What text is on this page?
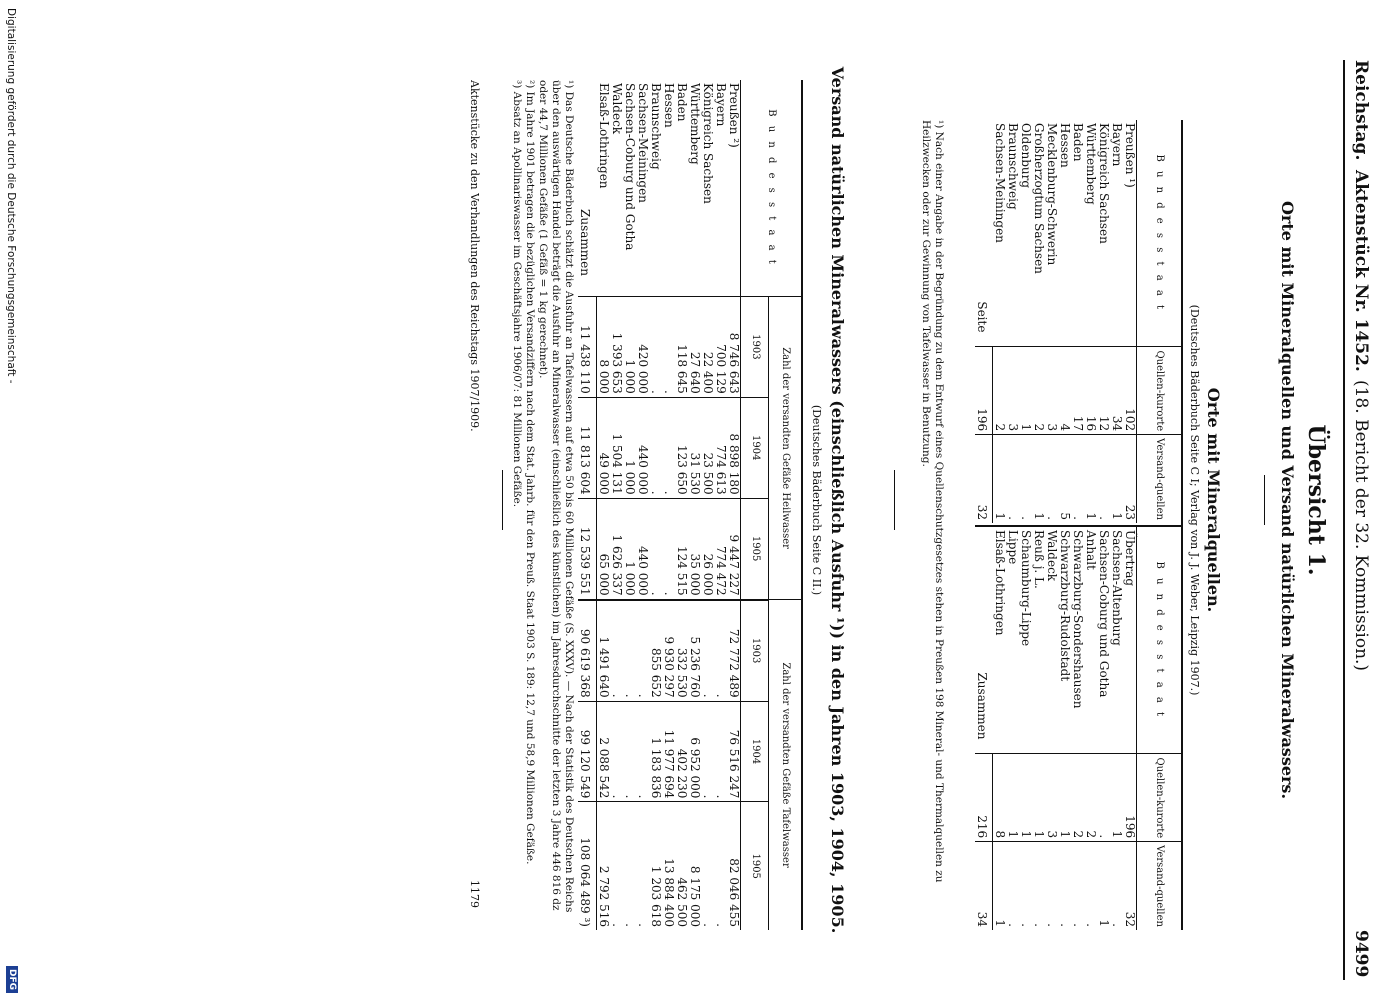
Reichstag.
Aktenstück Nr. 1452.
(18. Bericht der 32. Kommission.)
9499
Übersicht 1.
Orte mit Mineralquellen und Versand natürlichen Mineralwassers.
Orte mit Mineralquellen.
(Deutsches Bäderbuch Seite C I; Verlag von J. J. Weber, Leipzig 1907.)
B u n d e s s t a a t	Quellen-kurorte	Versand-quellen
Preußen ¹)	102	23
Bayern	34	1
Königreich Sachsen	12	.
Württemberg	16	1
Baden	17	.
Hessen	4	5
Mecklenburg-Schwerin	3	.
Großherzogtum Sachsen	2	1
Oldenburg	1	.
Braunschweig	3	.
Sachsen-Meiningen	2	1
Seite	196	32
B u n d e s s t a a t	Quellen-kurorte	Versand-quellen
Übertrag	196	32
Sachsen-Altenburg	1	.
Sachsen-Coburg und Gotha	.	1
Anhalt	2	.
Schwarzburg-Sondershausen	2	.
Schwarzburg-Rudolstadt	1	.
Waldeck	3	.
Reuß j. L.	1	.
Schaumburg-Lippe	1	.
Lippe	1	.
Elsaß-Lothringen	8	1
Zusammen	216	34
¹) Nach einer Angabe in der Begründung zu dem Entwurf eines Quellenschutzgesetzes stehen in Preußen 198 Mineral- und Thermalquellen zu Heilzwecken oder zur Gewinnung von Tafelwasser in Benutzung.
Versand natürlichen Mineralwassers (einschließlich Ausfuhr ¹)) in den Jahren 1903, 1904, 1905.
(Deutsches Bäderbuch Seite C II.)
B u n d e s s t a a t	Zahl der versandten Gefäße Heilwasser			Zahl der versandten Gefäße Tafelwasser		
	1903	1904	1905	1903	1904	1905
Preußen ²)	8 746 643	8 898 180	9 447 227	72 772 489	76 516 247	82 046 455
Bayern	700 129	774 613	774 472	.	.	.
Königreich Sachsen	22 400	23 500	26 000	.	.	.
Württemberg	27 640	31 530	35 000	5 236 760	6 952 000	8 175 000
Baden	118 645	123 650	124 515	332 530	402 230	462 500
Hessen	.	.	.	9 930 297	11 977 694	13 884 400
Braunschweig	.	.	.	855 652	1 183 836	1 203 618
Sachsen-Meiningen	420 000	440 000	440 000	.	.	.
Sachsen-Coburg und Gotha	1 000	1 000	1 000	.	.	.
Waldeck	1 393 653	1 504 131	1 626 337	.	.	.
Elsaß-Lothringen	8 000	49 000	65 000	1 491 640	2 088 542	2 792 516
Zusammen	11 438 110	11 813 604	12 539 551	90 619 368	99 120 549	108 064 489 ³)
¹) Das Deutsche Bäderbuch schätzt die Ausfuhr an Tafelwassern auf etwa 50 bis 60 Millionen Gefäße (S. XXXV). — Nach der Statistik des Deutschen Reichs über den auswärtigen Handel beträgt die Ausfuhr an Mineralwasser (einschließlich des künstlichen) im Jahresdurchschnitte der letzten 3 Jahre 446 816 dz oder 44,7 Millionen Gefäße (1 Gefäß = 1 kg gerechnet).
²) Im Jahre 1901 betragen die bezüglichen Versandziffern nach dem Stat. Jahrb. für den Preuß. Staat 1903 S. 189: 12,7 und 58,9 Millionen Gefäße.
³) Absatz an Apollinariswasser im Geschäftsjahre 1906/07: 81 Millionen Gefäße.
Aktenstücke zu den Verhandlungen des Reichstags 1907/1909.
1179
Digitalisierung gefördert durch die Deutsche Forschungsgemeinschaft -
DFG
